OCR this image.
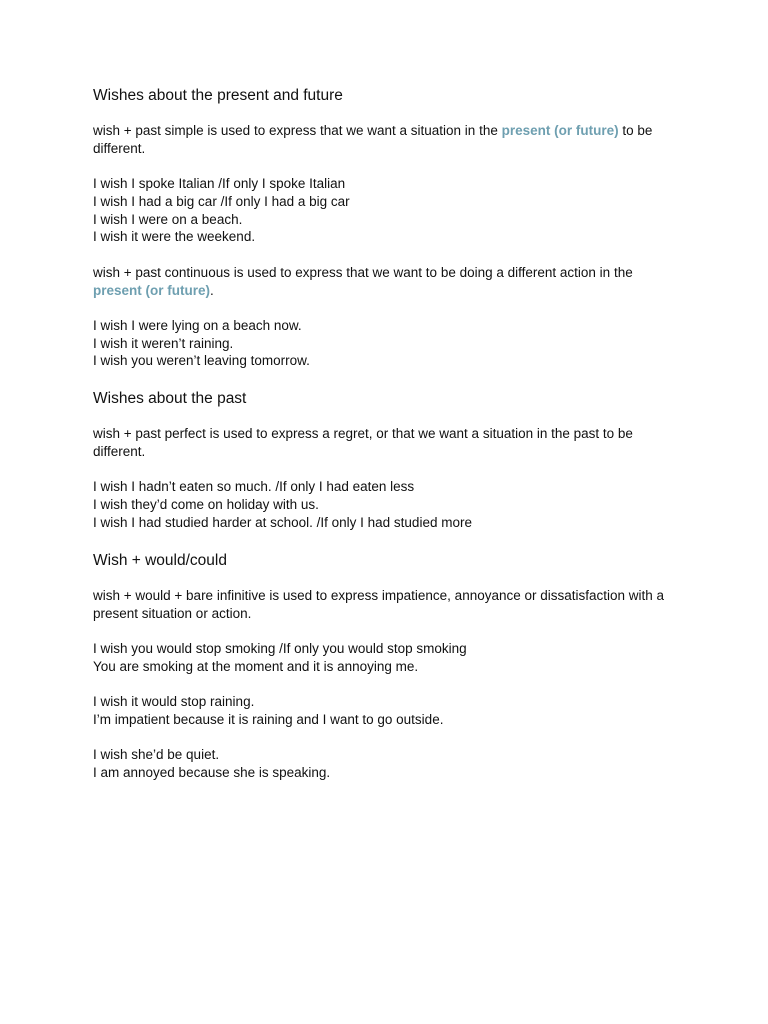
Wishes about the present and future

wish + past simple is used to express that we want a situation in the present (or future) to be different.

I wish I spoke Italian /If only I spoke Italian
I wish I had a big car /If only I had a big car
I wish I were on a beach.
I wish it were the weekend.

wish + past continuous is used to express that we want to be doing a different action in the present (or future).

I wish I were lying on a beach now.
I wish it weren’t raining.
I wish you weren’t leaving tomorrow.

Wishes about the past

wish + past perfect is used to express a regret, or that we want a situation in the past to be different.

I wish I hadn’t eaten so much. /If only I had eaten less
I wish they’d come on holiday with us.
I wish I had studied harder at school. /If only I had studied more

Wish + would/could

wish + would + bare infinitive is used to express impatience, annoyance or dissatisfaction with a present situation or action.

I wish you would stop smoking /If only you would stop smoking
You are smoking at the moment and it is annoying me.

I wish it would stop raining.
I’m impatient because it is raining and I want to go outside.

I wish she’d be quiet.
I am annoyed because she is speaking.
